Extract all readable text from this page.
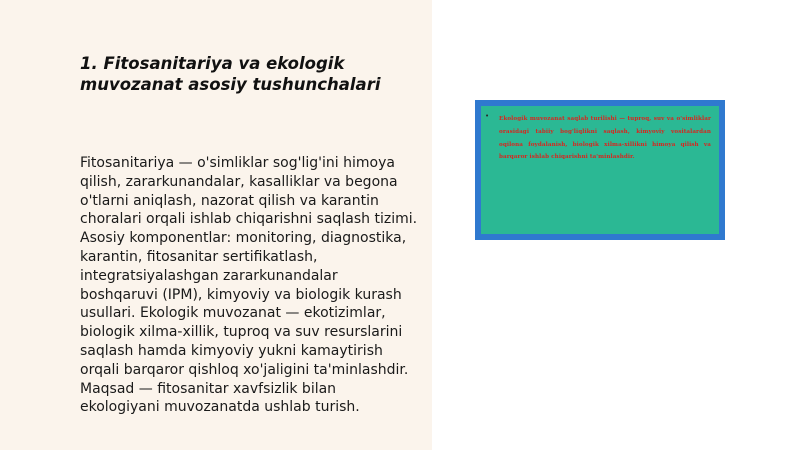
1. Fitosanitariya va ekologik muvozanat asosiy tushunchalari

Fitosanitariya — o'simliklar sog'lig'ini himoya qilish, zararkunandalar, kasalliklar va begona o'tlarni aniqlash, nazorat qilish va karantin choralari orqali ishlab chiqarishni saqlash tizimi. Asosiy komponentlar: monitoring, diagnostika, karantin, fitosanitar sertifikatlash, integratsiyalashgan zararkunandalar boshqaruvi (IPM), kimyoviy va biologik kurash usullari. Ekologik muvozanat — ekotizimlar, biologik xilma-xillik, tuproq va suv resurslarini saqlash hamda kimyoviy yukni kamaytirish orqali barqaror qishloq xo'jaligini ta'minlashdir. Maqsad — fitosanitar xavfsizlik bilan ekologiyani muvozanatda ushlab turish.

•	Ekologik muvozanat saqlab turilishi — tuproq, suv va o'simliklar orasidagi tabiiy bog'liqlikni saqlash, kimyoviy vositalardan oqilona foydalanish, biologik xilma-xillikni himoya qilish va barqaror ishlab chiqarishni ta'minlashdir.
